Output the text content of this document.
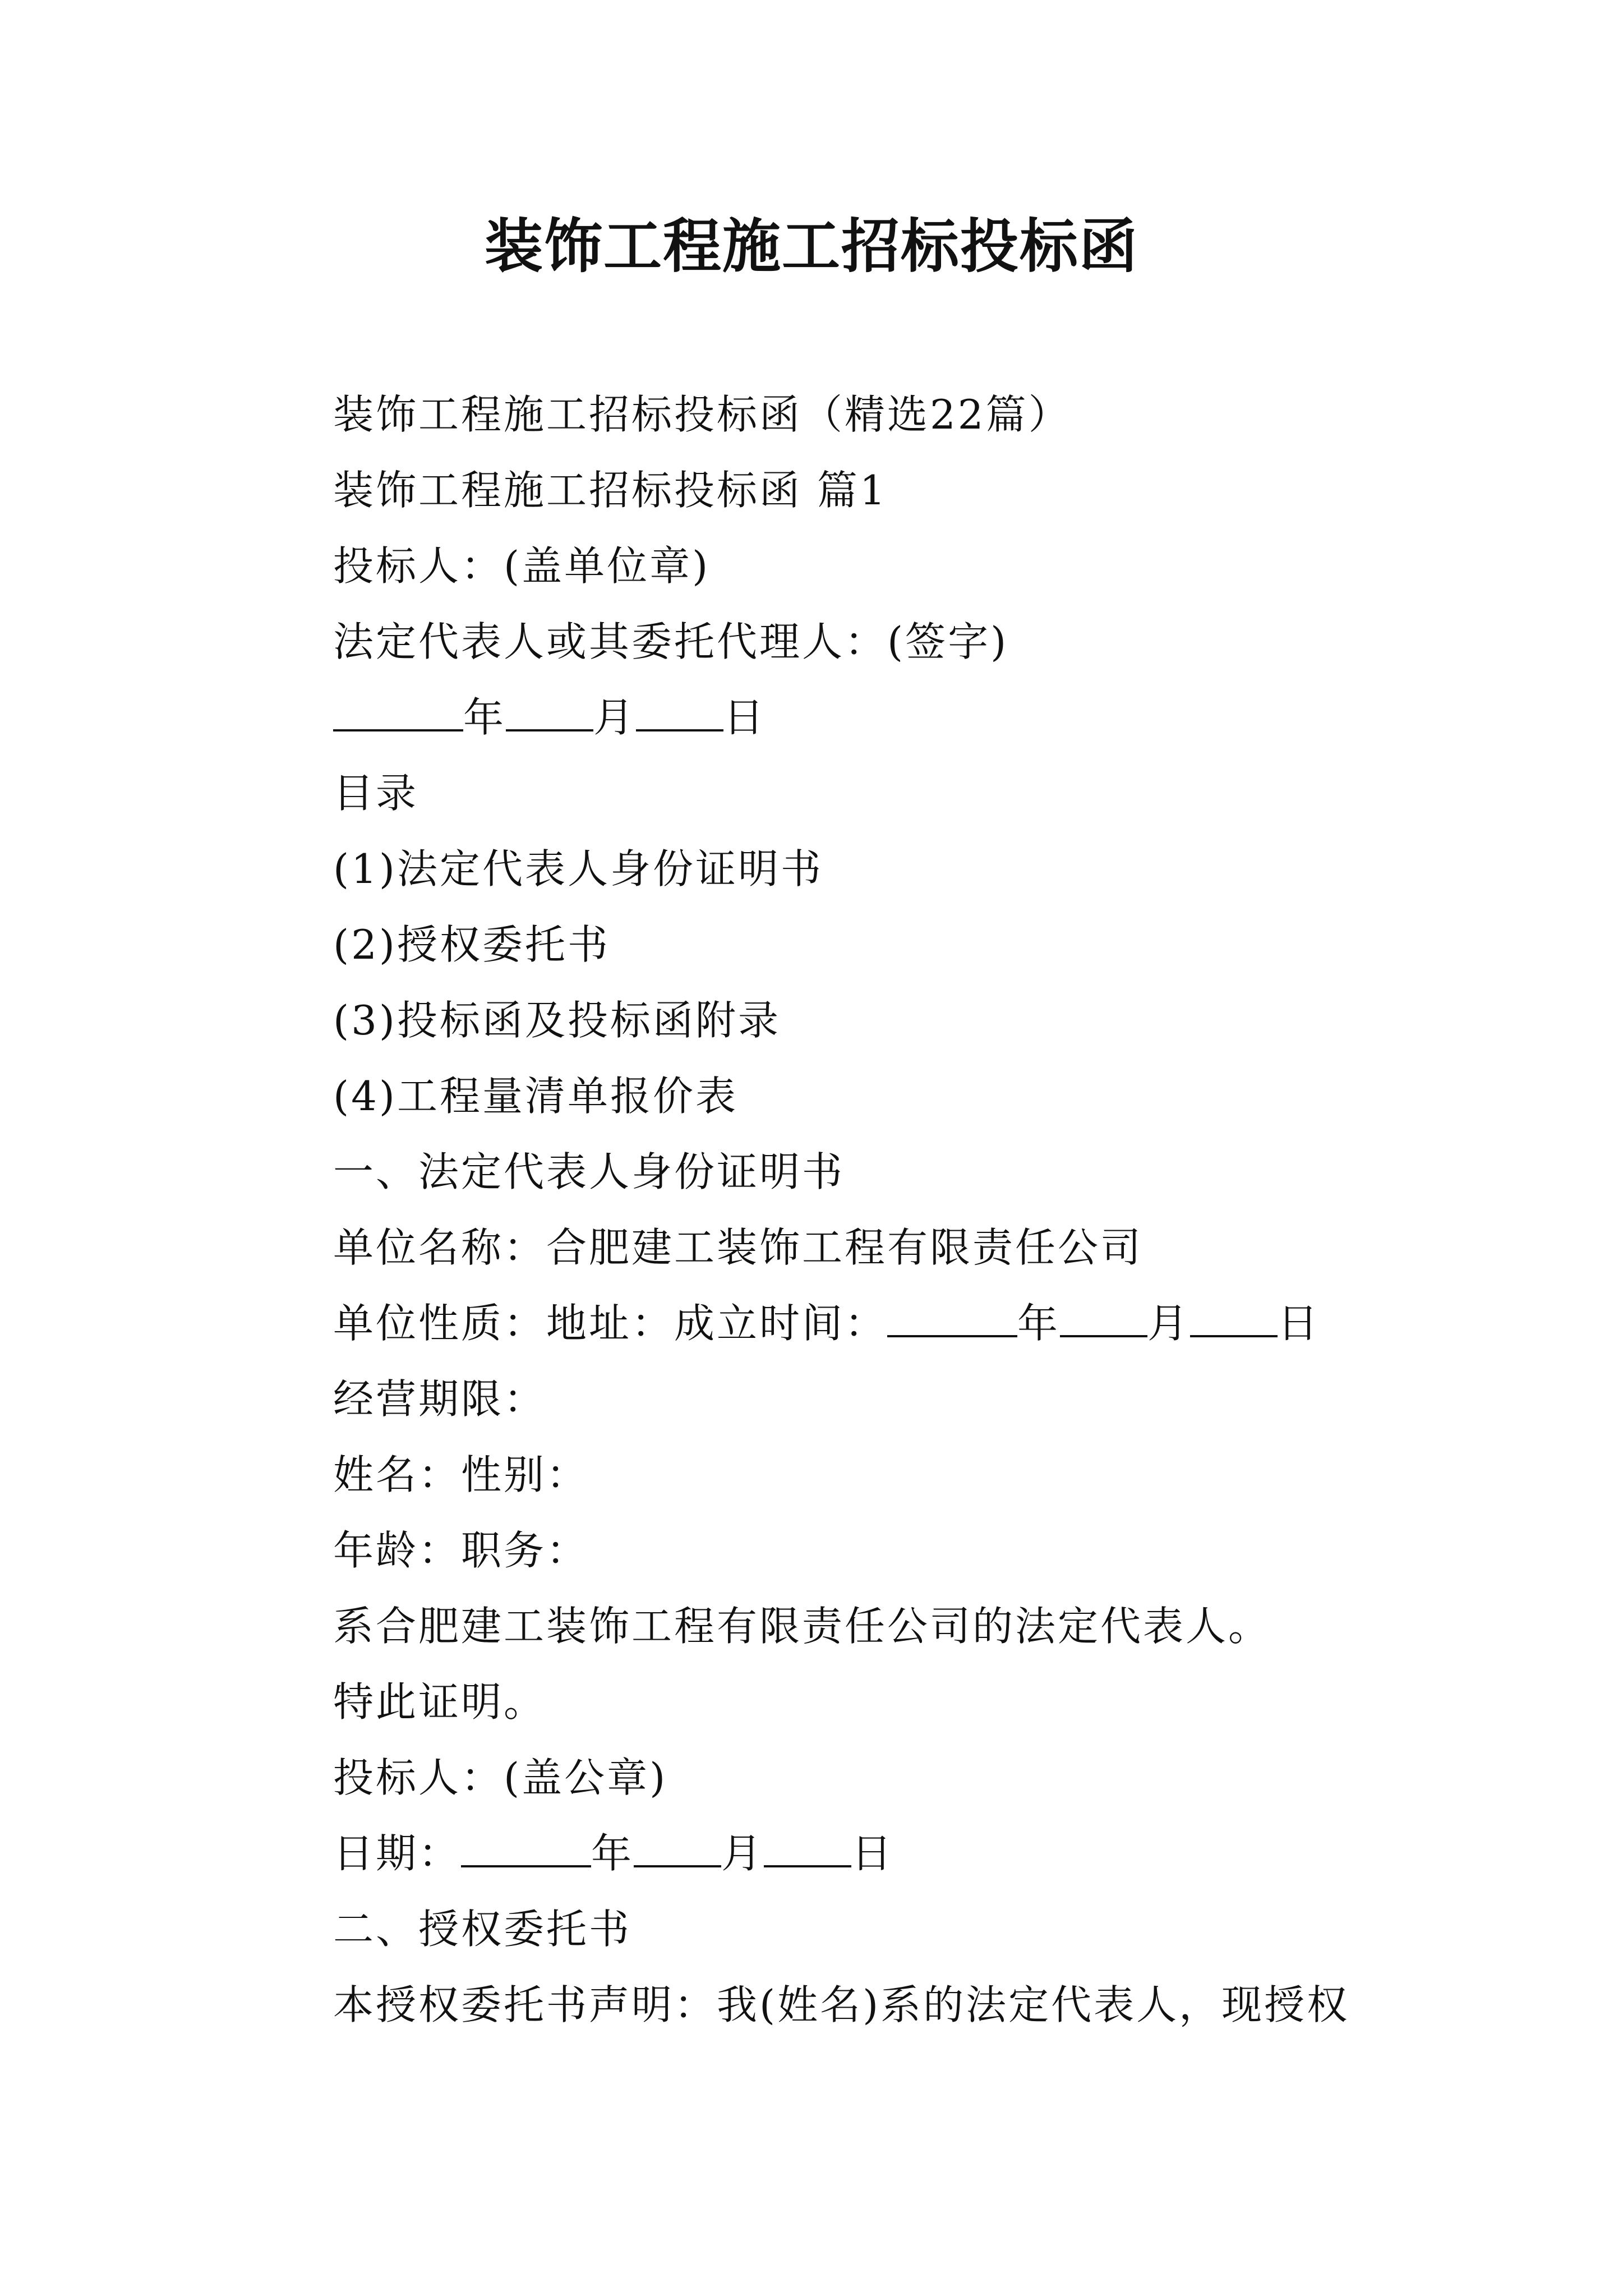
装饰工程施工招标投标函
装饰工程施工招标投标函（精选22篇）
装饰工程施工招标投标函 篇1
投标人：(盖单位章)
法定代表人或其委托代理人：(签字)
年 月 日
目录
(1)法定代表人身份证明书
(2)授权委托书
(3)投标函及投标函附录
(4)工程量清单报价表
一、法定代表人身份证明书
单位名称：合肥建工装饰工程有限责任公司
单位性质：地址：成立时间：	年 月 日
经营期限：
姓名：性别：
年龄：职务：
系合肥建工装饰工程有限责任公司的法定代表人。
特此证明。
投标人：(盖公章)
日期：	年 月 日
二、授权委托书
本授权委托书声明：我(姓名)系的法定代表人，现授权
